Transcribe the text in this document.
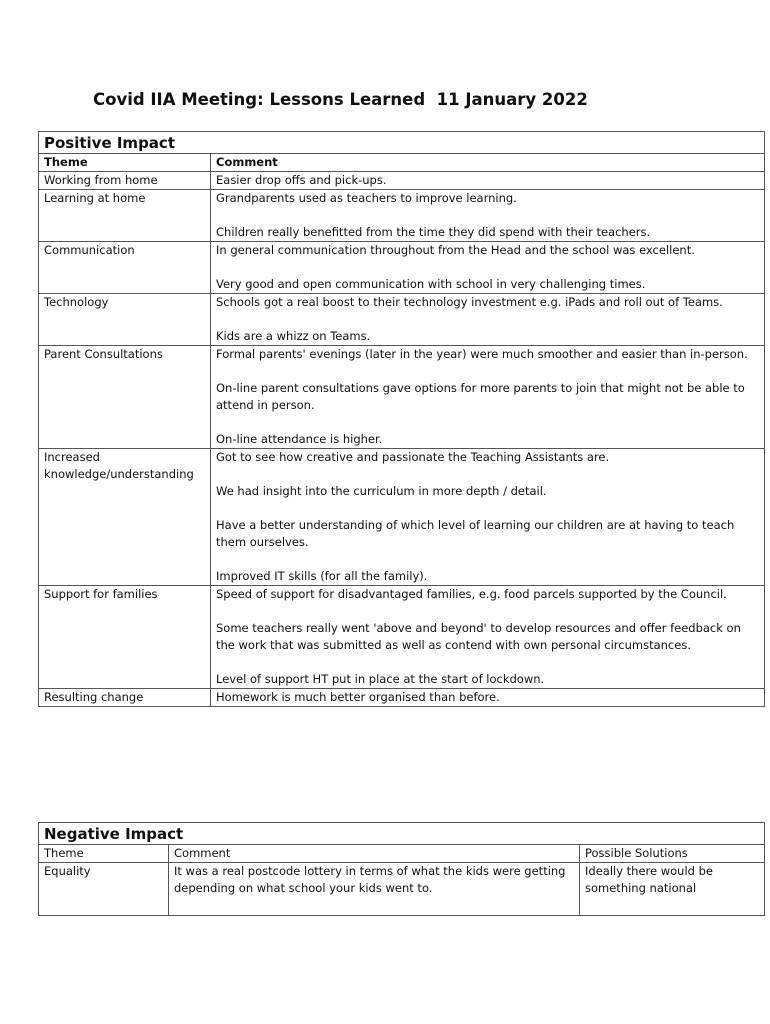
Covid IIA Meeting: Lessons Learned  11 January 2022
Positive Impact	
Theme	Comment
Working from home	Easier drop offs and pick-ups.

Learning at home	Grandparents used as teachers to improve learning.

Children really benefitted from the time they did spend with their teachers.

Communication	In general communication throughout from the Head and the school was excellent.

Very good and open communication with school in very challenging times.

Technology	Schools got a real boost to their technology investment e.g. iPads and roll out of Teams.

Kids are a whizz on Teams.

Parent Consultations	Formal parents' evenings (later in the year) were much smoother and easier than in-person.

On-line parent consultations gave options for more parents to join that might not be able to attend in person.

On-line attendance is higher.

Increased knowledge/understanding	Got to see how creative and passionate the Teaching Assistants are.

We had insight into the curriculum in more depth / detail.

Have a better understanding of which level of learning our children are at having to teach them ourselves.

Improved IT skills (for all the family).

Support for families	Speed of support for disadvantaged families, e.g. food parcels supported by the Council.

Some teachers really went 'above and beyond' to develop resources and offer feedback on the work that was submitted as well as contend with own personal circumstances.

Level of support HT put in place at the start of lockdown.

Resulting change	Homework is much better organised than before.

Negative Impact		
Theme	Comment	Possible Solutions
Equality	It was a real postcode lottery in terms of what the kids were getting depending on what school your kids went to.	Ideally there would be something national
